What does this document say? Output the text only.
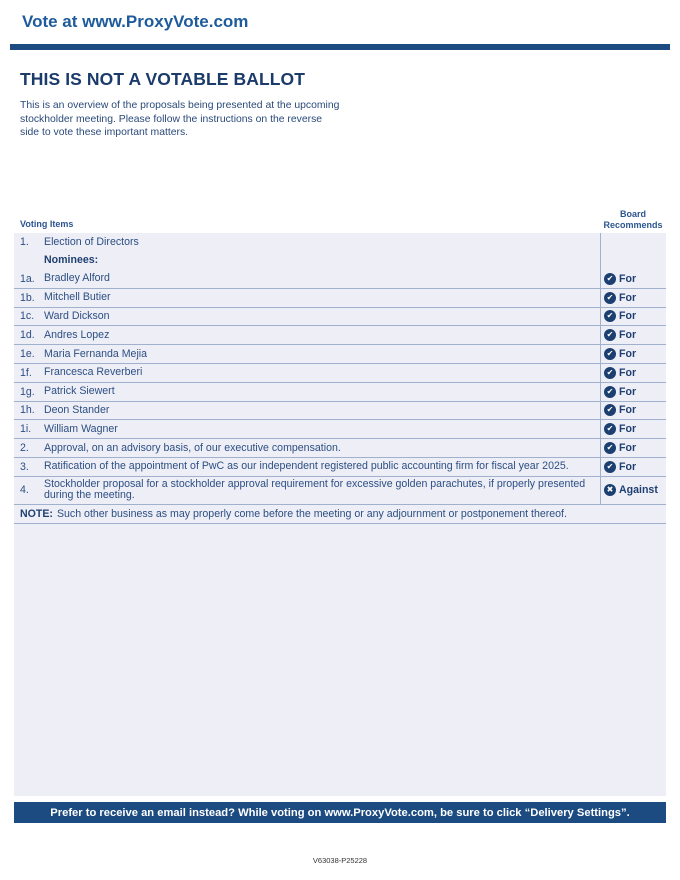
Vote at www.ProxyVote.com
THIS IS NOT A VOTABLE BALLOT
This is an overview of the proposals being presented at the upcoming stockholder meeting. Please follow the instructions on the reverse side to vote these important matters.
Voting Items
Board
Recommends
1.	Election of Directors
Nominees:
1a. Bradley Alford	✔ For
1b. Mitchell Butier	✔ For
1c. Ward Dickson	✔ For
1d. Andres Lopez	✔ For
1e. Maria Fernanda Mejia	✔ For
1f.	Francesca Reverberi	✔ For
1g. Patrick Siewert	✔ For
1h. Deon Stander	✔ For
1i.	William Wagner	✔ For
2.	Approval, on an advisory basis, of our executive compensation.	✔ For
3.	Ratification of the appointment of PwC as our independent registered public accounting firm for fiscal year 2025.	✔ For
4.	Stockholder proposal for a stockholder approval requirement for excessive golden parachutes, if properly presented during the meeting.	✖ Against
NOTE: Such other business as may properly come before the meeting or any adjournment or postponement thereof.
Prefer to receive an email instead? While voting on www.ProxyVote.com, be sure to click “Delivery Settings”.
V63038-P25228
